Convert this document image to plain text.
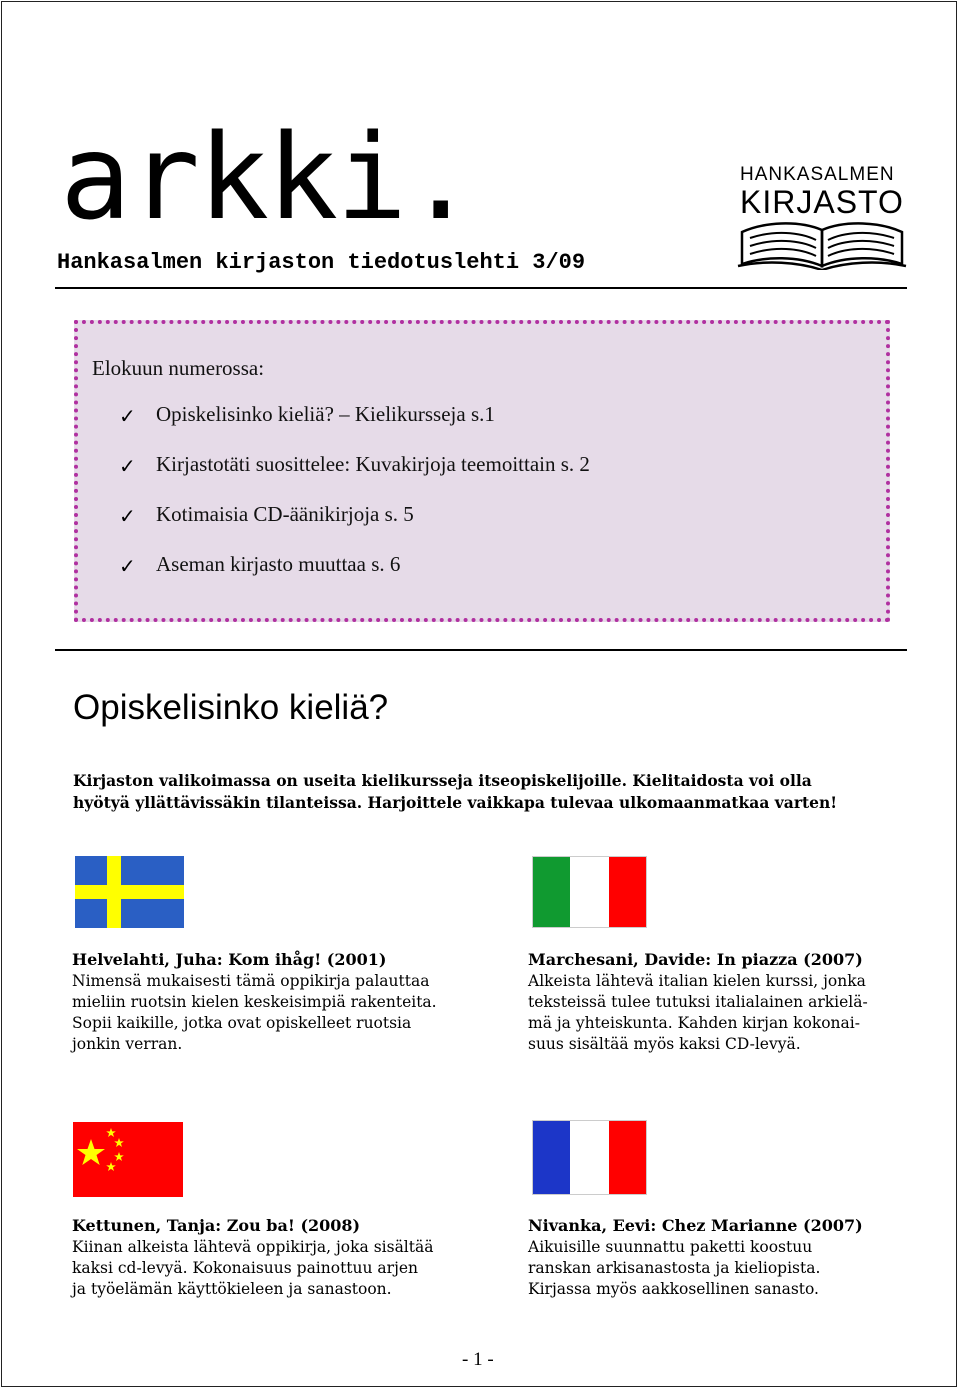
arkki.

Hankasalmen kirjaston tiedotuslehti 3/09

HANKASALMEN
KIRJASTO
Elokuun numerossa:
✓ Opiskelisinko kieliä? – Kielikursseja s.1
✓ Kirjastotäti suosittelee: Kuvakirjoja teemoittain s. 2
✓ Kotimaisia CD-äänikirjoja s. 5
✓ Aseman kirjasto muuttaa s. 6
Opiskelisinko kieliä?

Kirjaston valikoimassa on useita kielikursseja itseopiskelijoille. Kielitaidosta voi olla
hyötyä yllättävissäkin tilanteissa. Harjoittele vaikkapa tulevaa ulkomaanmatkaa varten!

Helvelahti, Juha: Kom ihåg! (2001)

Nimensä mukaisesti tämä oppikirja palauttaa
mieliin ruotsin kielen keskeisimpiä rakenteita.
Sopii kaikille, jotka ovat opiskelleet ruotsia
jonkin verran.

Marchesani, Davide: In piazza (2007)

Alkeista lähtevä italian kielen kurssi, jonka
teksteissä tulee tutuksi italialainen arkielä-
mä ja yhteiskunta. Kahden kirjan kokonai-
suus sisältää myös kaksi CD-levyä.

Kettunen, Tanja: Zou ba! (2008)

Kiinan alkeista lähtevä oppikirja, joka sisältää
kaksi cd-levyä. Kokonaisuus painottuu arjen
ja työelämän käyttökieleen ja sanastoon.

Nivanka, Eevi: Chez Marianne (2007)

Aikuisille suunnattu paketti koostuu
ranskan arkisanastosta ja kieliopista.
Kirjassa myös aakkosellinen sanasto.

- 1 -
